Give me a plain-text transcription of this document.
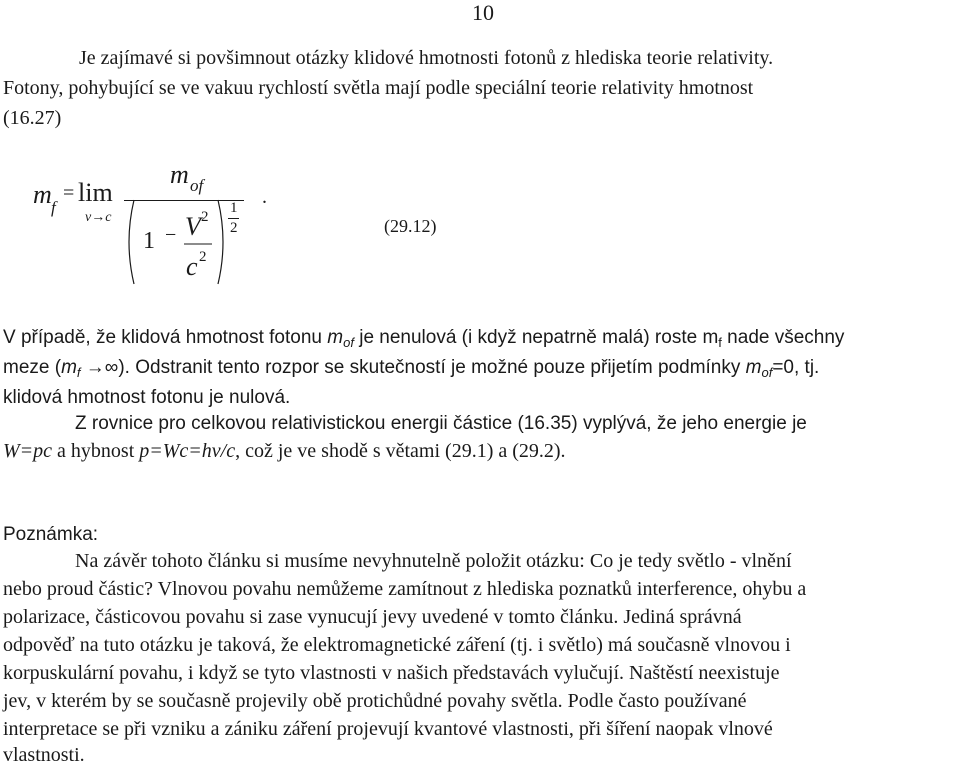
10
Je zajímavé si povšimnout otázky klidové hmotnosti fotonů z hlediska teorie relativity.
Fotony, pohybující se ve vakuu rychlostí světla mají podle speciální teorie relativity hmotnost
(16.27)
m f
= lim
v→c
m of
1 − V 2
c 2
1
2
.
(29.12)
V případě, že klidová hmotnost fotonu $m_{of}$ je nenulová (i když nepatrně malá) roste $m_f$ nade všechny
meze ($m_f$ →∞). Odstranit tento rozpor se skutečností je možné pouze přijetím podmínky $m_{of}=0$, tj.
klidová hmotnost fotonu je nulová.
Z rovnice pro celkovou relativistickou energii částice (16.35) vyplývá, že jeho energie je
W=pc a hybnost p=Wc=hν/c, což je ve shodě s větami (29.1) a (29.2).
Poznámka:
Na závěr tohoto článku si musíme nevyhnutelně položit otázku: Co je tedy světlo - vlnění
nebo proud částic? Vlnovou povahu nemůžeme zamítnout z hlediska poznatků interference, ohybu a
polarizace, částicovou povahu si zase vynucují jevy uvedené v tomto článku. Jediná správná
odpověď na tuto otázku je taková, že elektromagnetické záření (tj. i světlo) má současně vlnovou i
korpuskulární povahu, i když se tyto vlastnosti v našich představách vylučují. Naštěstí neexistuje
jev, v kterém by se současně projevily obě protichůdné povahy světla. Podle často používané
interpretace se při vzniku a zániku záření projevují kvantové vlastnosti, při šíření naopak vlnové
vlastnosti.
